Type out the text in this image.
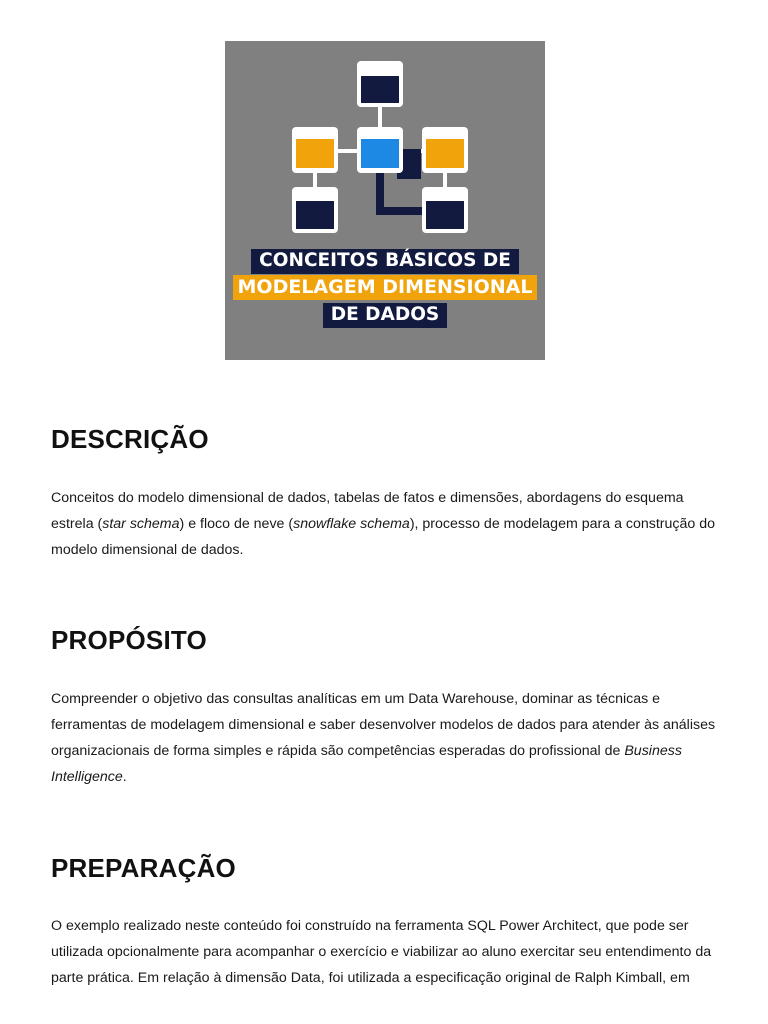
CONCEITOS BÁSICOS DE
MODELAGEM DIMENSIONAL
DE DADOS
DESCRIÇÃO

Conceitos do modelo dimensional de dados, tabelas de fatos e dimensões, abordagens do esquema estrela (star schema) e floco de neve (snowflake schema), processo de modelagem para a construção do modelo dimensional de dados.

PROPÓSITO

Compreender o objetivo das consultas analíticas em um Data Warehouse, dominar as técnicas e ferramentas de modelagem dimensional e saber desenvolver modelos de dados para atender às análises organizacionais de forma simples e rápida são competências esperadas do profissional de Business Intelligence.

PREPARAÇÃO

O exemplo realizado neste conteúdo foi construído na ferramenta SQL Power Architect, que pode ser utilizada opcionalmente para acompanhar o exercício e viabilizar ao aluno exercitar seu entendimento da parte prática. Em relação à dimensão Data, foi utilizada a especificação original de Ralph Kimball, em
